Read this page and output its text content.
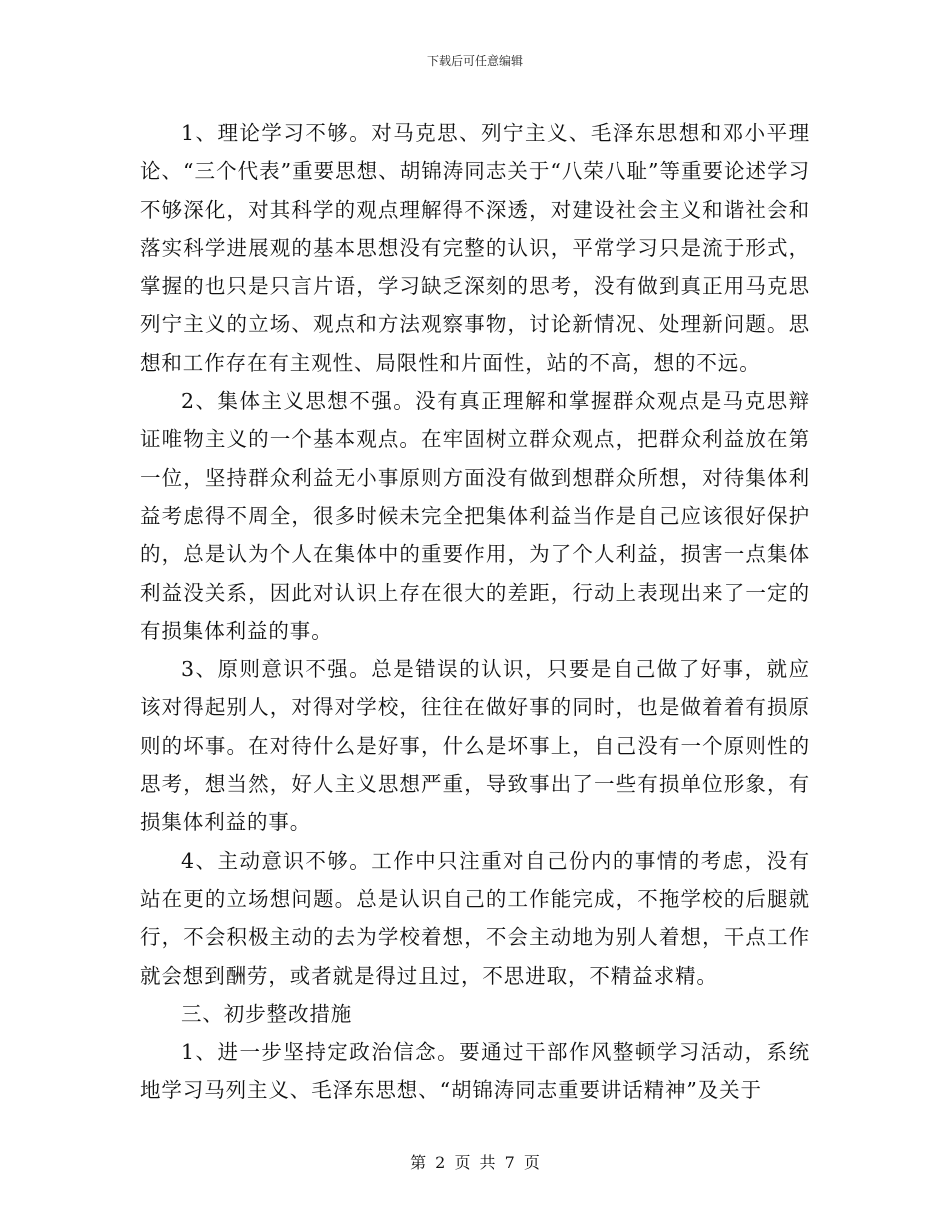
下载后可任意编辑

1、理论学习不够。对马克思、列宁主义、毛泽东思想和邓小平理论、“三个代表”重要思想、胡锦涛同志关于“八荣八耻”等重要论述学习不够深化，对其科学的观点理解得不深透，对建设社会主义和谐社会和落实科学进展观的基本思想没有完整的认识，平常学习只是流于形式，掌握的也只是只言片语，学习缺乏深刻的思考，没有做到真正用马克思列宁主义的立场、观点和方法观察事物，讨论新情况、处理新问题。思想和工作存在有主观性、局限性和片面性，站的不高，想的不远。

2、集体主义思想不强。没有真正理解和掌握群众观点是马克思辩证唯物主义的一个基本观点。在牢固树立群众观点，把群众利益放在第一位，坚持群众利益无小事原则方面没有做到想群众所想，对待集体利益考虑得不周全，很多时候未完全把集体利益当作是自己应该很好保护的，总是认为个人在集体中的重要作用，为了个人利益，损害一点集体利益没关系，因此对认识上存在很大的差距，行动上表现出来了一定的有损集体利益的事。

3、原则意识不强。总是错误的认识，只要是自己做了好事，就应该对得起别人，对得对学校，往往在做好事的同时，也是做着着有损原则的坏事。在对待什么是好事，什么是坏事上，自己没有一个原则性的思考，想当然，好人主义思想严重，导致事出了一些有损单位形象，有损集体利益的事。

4、主动意识不够。工作中只注重对自己份内的事情的考虑，没有站在更的立场想问题。总是认识自己的工作能完成，不拖学校的后腿就行，不会积极主动的去为学校着想，不会主动地为别人着想，干点工作就会想到酬劳，或者就是得过且过，不思进取，不精益求精。

三、初步整改措施

1、进一步坚持定政治信念。要通过干部作风整顿学习活动，系统地学习马列主义、毛泽东思想、“胡锦涛同志重要讲话精神”及关于

第 2 页 共 7 页
